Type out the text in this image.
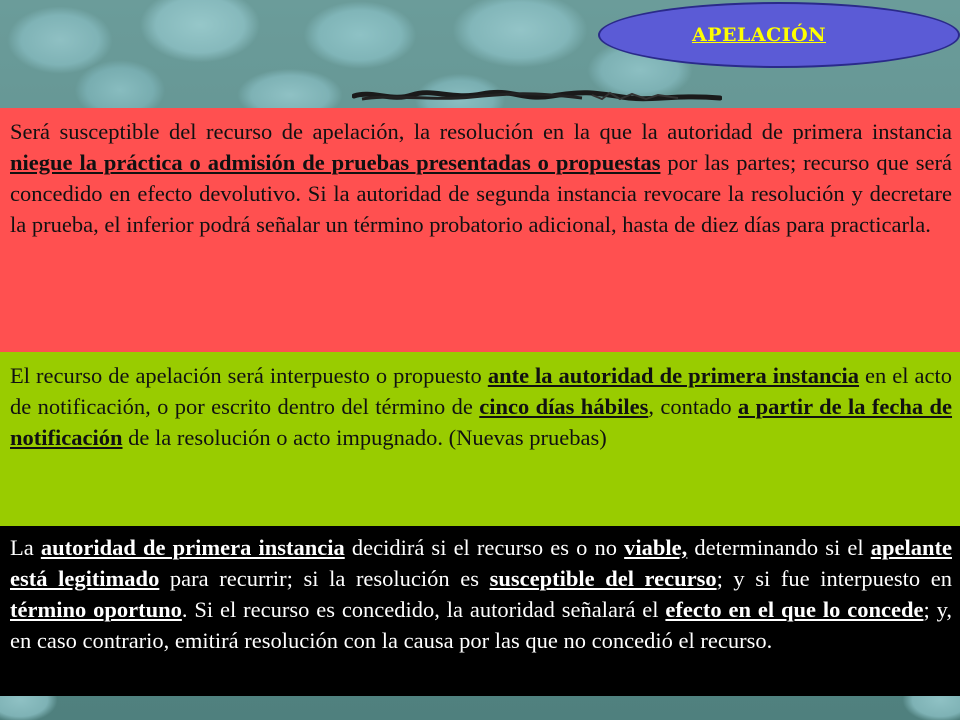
APELACIÓN
Será susceptible del recurso de apelación, la resolución en la que la autoridad de primera instancia niegue la práctica o admisión de pruebas presentadas o propuestas por las partes; recurso que será concedido en efecto devolutivo. Si la autoridad de segunda instancia revocare la resolución y decretare la prueba, el inferior podrá señalar un término probatorio adicional, hasta de diez días para practicarla.
El recurso de apelación será interpuesto o propuesto ante la autoridad de primera instancia en el acto de notificación, o por escrito dentro del término de cinco días hábiles, contado a partir de la fecha de notificación de la resolución o acto impugnado. (Nuevas pruebas)
La autoridad de primera instancia decidirá si el recurso es o no viable, determinando si el apelante está legitimado para recurrir; si la resolución es susceptible del recurso; y si fue interpuesto en término oportuno. Si el recurso es concedido, la autoridad señalará el efecto en el que lo concede; y, en caso contrario, emitirá resolución con la causa por las que no concedió el recurso.
